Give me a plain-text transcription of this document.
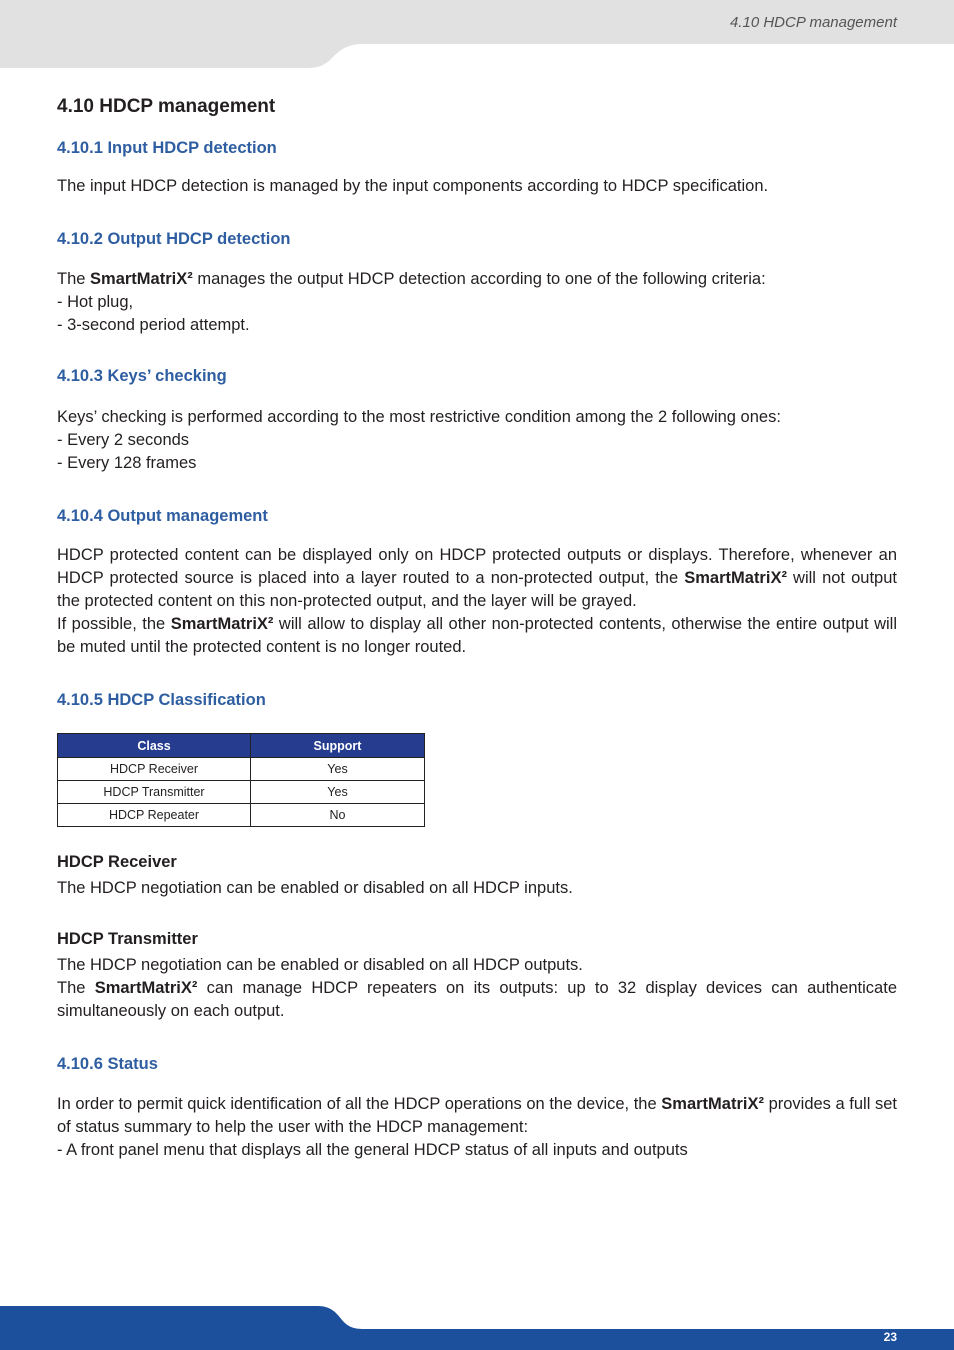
4.10 HDCP management
4.10 HDCP management
4.10.1 Input HDCP detection

The input HDCP detection is managed by the input components according to HDCP specification.

4.10.2 Output HDCP detection

The SmartMatriX² manages the output HDCP detection according to one of the following criteria:

- Hot plug,

- 3-second period attempt.

4.10.3 Keys’ checking

Keys’ checking is performed according to the most restrictive condition among the 2 following ones:

- Every 2 seconds

- Every 128 frames

4.10.4 Output management

HDCP protected content can be displayed only on HDCP protected outputs or displays. Therefore, whenever an HDCP protected source is placed into a layer routed to a non-protected output, the SmartMatriX² will not output the protected content on this non-protected output, and the layer will be grayed.

If possible, the SmartMatriX² will allow to display all other non-protected contents, otherwise the entire output will be muted until the protected content is no longer routed.

4.10.5 HDCP Classification
Class	Support
HDCP Receiver	Yes
HDCP Transmitter	Yes
HDCP Repeater	No
HDCP Receiver

The HDCP negotiation can be enabled or disabled on all HDCP inputs.

HDCP Transmitter

The HDCP negotiation can be enabled or disabled on all HDCP outputs.

The SmartMatriX² can manage HDCP repeaters on its outputs: up to 32 display devices can authenticate simultaneously on each output.

4.10.6 Status

In order to permit quick identification of all the HDCP operations on the device, the SmartMatriX² provides a full set of status summary to help the user with the HDCP management:

- A front panel menu that displays all the general HDCP status of all inputs and outputs

23
